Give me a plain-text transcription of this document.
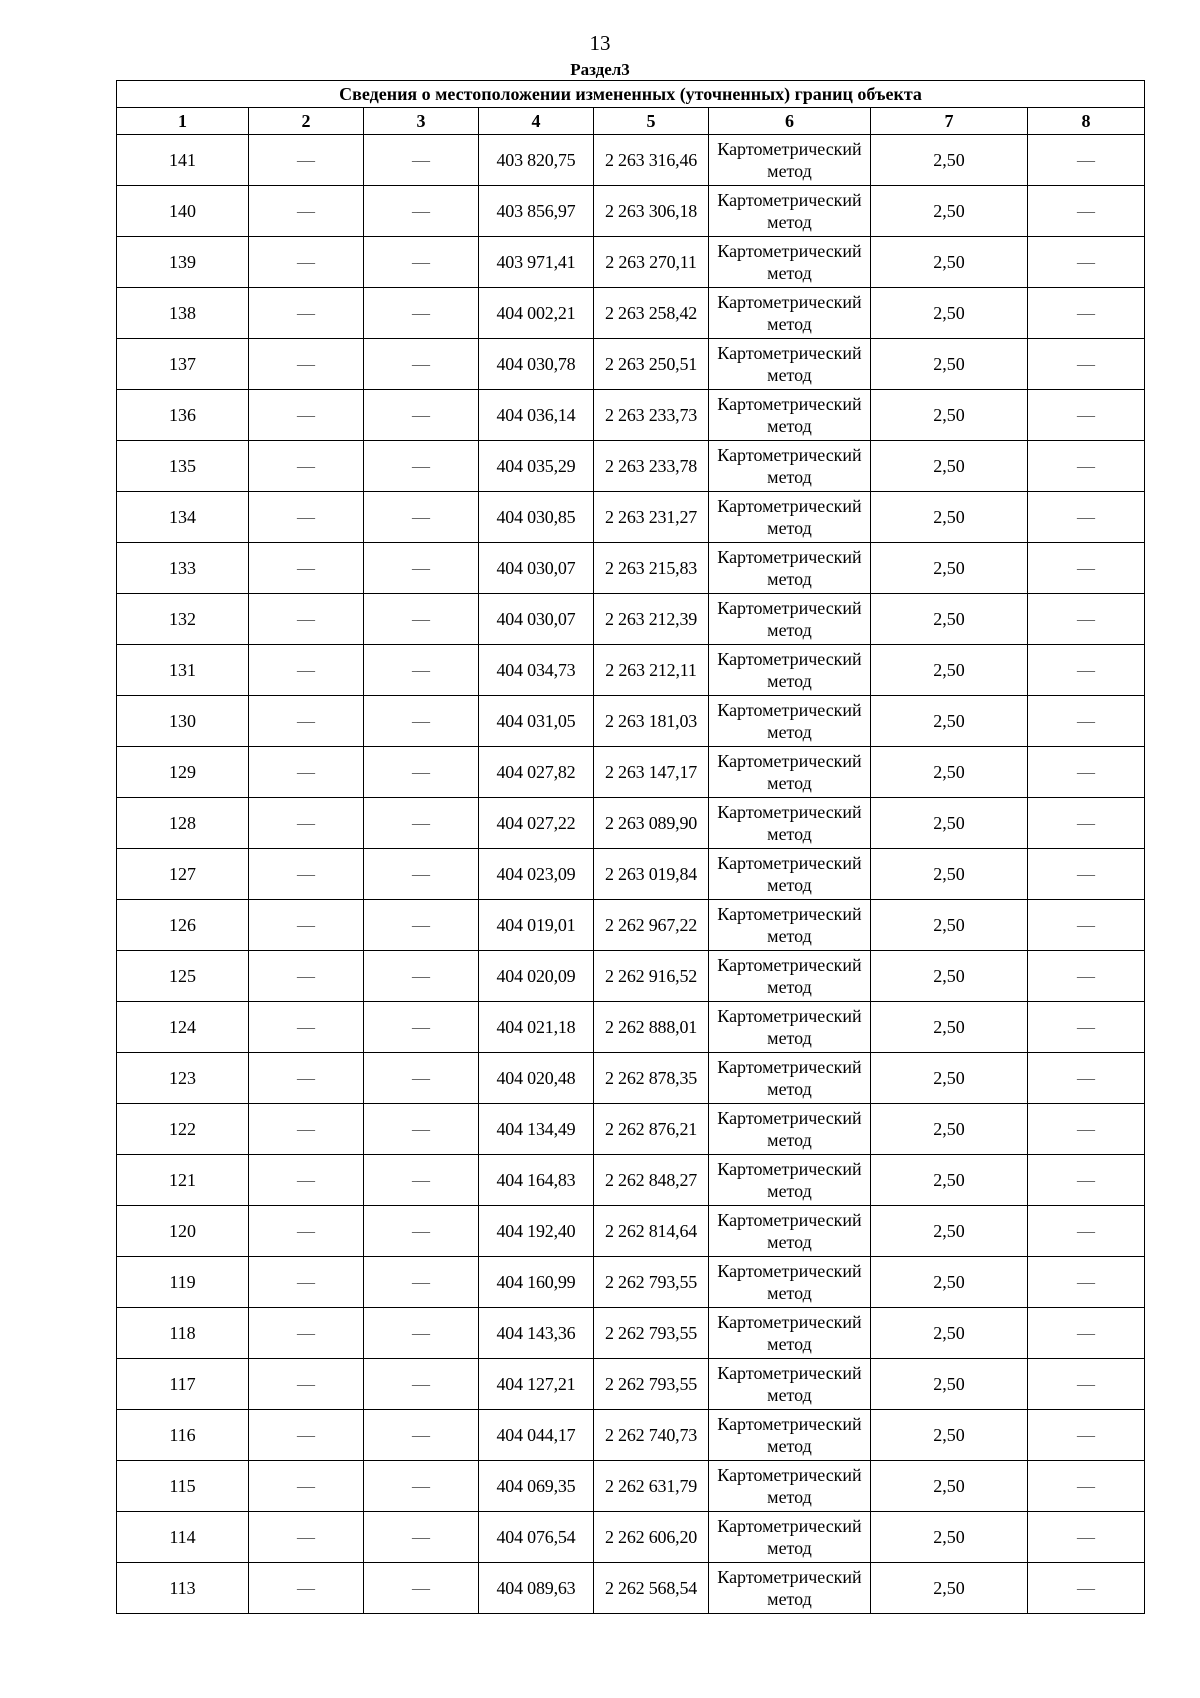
13
Раздел3
Сведения о местоположении измененных (уточненных) границ объекта							
1	2	3	4	5	6	7	8
141	—	—	403 820,75	2 263 316,46	Картометрический метод	2,50	—
140	—	—	403 856,97	2 263 306,18	Картометрический метод	2,50	—
139	—	—	403 971,41	2 263 270,11	Картометрический метод	2,50	—
138	—	—	404 002,21	2 263 258,42	Картометрический метод	2,50	—
137	—	—	404 030,78	2 263 250,51	Картометрический метод	2,50	—
136	—	—	404 036,14	2 263 233,73	Картометрический метод	2,50	—
135	—	—	404 035,29	2 263 233,78	Картометрический метод	2,50	—
134	—	—	404 030,85	2 263 231,27	Картометрический метод	2,50	—
133	—	—	404 030,07	2 263 215,83	Картометрический метод	2,50	—
132	—	—	404 030,07	2 263 212,39	Картометрический метод	2,50	—
131	—	—	404 034,73	2 263 212,11	Картометрический метод	2,50	—
130	—	—	404 031,05	2 263 181,03	Картометрический метод	2,50	—
129	—	—	404 027,82	2 263 147,17	Картометрический метод	2,50	—
128	—	—	404 027,22	2 263 089,90	Картометрический метод	2,50	—
127	—	—	404 023,09	2 263 019,84	Картометрический метод	2,50	—
126	—	—	404 019,01	2 262 967,22	Картометрический метод	2,50	—
125	—	—	404 020,09	2 262 916,52	Картометрический метод	2,50	—
124	—	—	404 021,18	2 262 888,01	Картометрический метод	2,50	—
123	—	—	404 020,48	2 262 878,35	Картометрический метод	2,50	—
122	—	—	404 134,49	2 262 876,21	Картометрический метод	2,50	—
121	—	—	404 164,83	2 262 848,27	Картометрический метод	2,50	—
120	—	—	404 192,40	2 262 814,64	Картометрический метод	2,50	—
119	—	—	404 160,99	2 262 793,55	Картометрический метод	2,50	—
118	—	—	404 143,36	2 262 793,55	Картометрический метод	2,50	—
117	—	—	404 127,21	2 262 793,55	Картометрический метод	2,50	—
116	—	—	404 044,17	2 262 740,73	Картометрический метод	2,50	—
115	—	—	404 069,35	2 262 631,79	Картометрический метод	2,50	—
114	—	—	404 076,54	2 262 606,20	Картометрический метод	2,50	—
113	—	—	404 089,63	2 262 568,54	Картометрический метод	2,50	—
